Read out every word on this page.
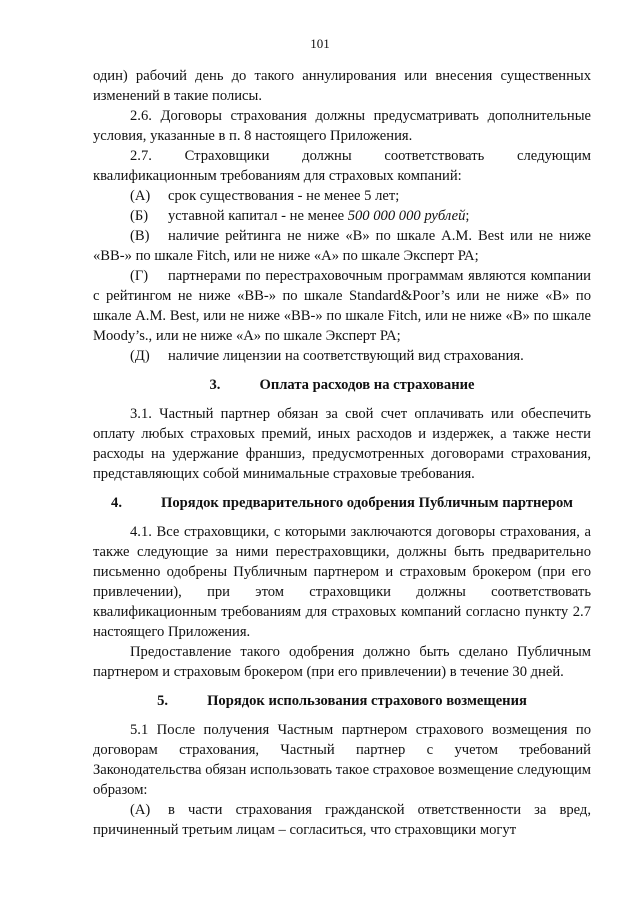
101

один) рабочий день до такого аннулирования или внесения существенных изменений в такие полисы.

2.6. Договоры страхования должны предусматривать дополнительные условия, указанные в п. 8 настоящего Приложения.

2.7. Страховщики должны соответствовать следующим квалификационным требованиям для страховых компаний:

(А) срок существования - не менее 5 лет;

(Б) уставной капитал - не менее 500 000 000 рублей;

(В) наличие рейтинга не ниже «B» по шкале A.M. Best или не ниже «BB-» по шкале Fitch, или не ниже «А» по шкале Эксперт РА;

(Г) партнерами по перестраховочным программам являются компании с рейтингом не ниже «BB-» по шкале Standard&Poor’s или не ниже «B» по шкале A.M. Best, или не ниже «BB-» по шкале Fitch, или не ниже «B» по шкале Moody’s., или не ниже «А» по шкале Эксперт РА;

(Д) наличие лицензии на соответствующий вид страхования.

3.	Оплата расходов на страхование

3.1. Частный партнер обязан за свой счет оплачивать или обеспечить оплату любых страховых премий, иных расходов и издержек, а также нести расходы на удержание франшиз, предусмотренных договорами страхования, представляющих собой минимальные страховые требования.

4.	Порядок предварительного одобрения Публичным партнером

4.1. Все страховщики, с которыми заключаются договоры страхования, а также следующие за ними перестраховщики, должны быть предварительно письменно одобрены Публичным партнером и страховым брокером (при его привлечении), при этом страховщики должны соответствовать квалификационным требованиям для страховых компаний согласно пункту 2.7 настоящего Приложения.

Предоставление такого одобрения должно быть сделано Публичным партнером и страховым брокером (при его привлечении) в течение 30 дней.

5.	Порядок использования страхового возмещения

5.1 После получения Частным партнером страхового возмещения по договорам страхования, Частный партнер с учетом требований Законодательства обязан использовать такое страховое возмещение следующим образом:

(А) в части страхования гражданской ответственности за вред, причиненный третьим лицам – согласиться, что страховщики могут
